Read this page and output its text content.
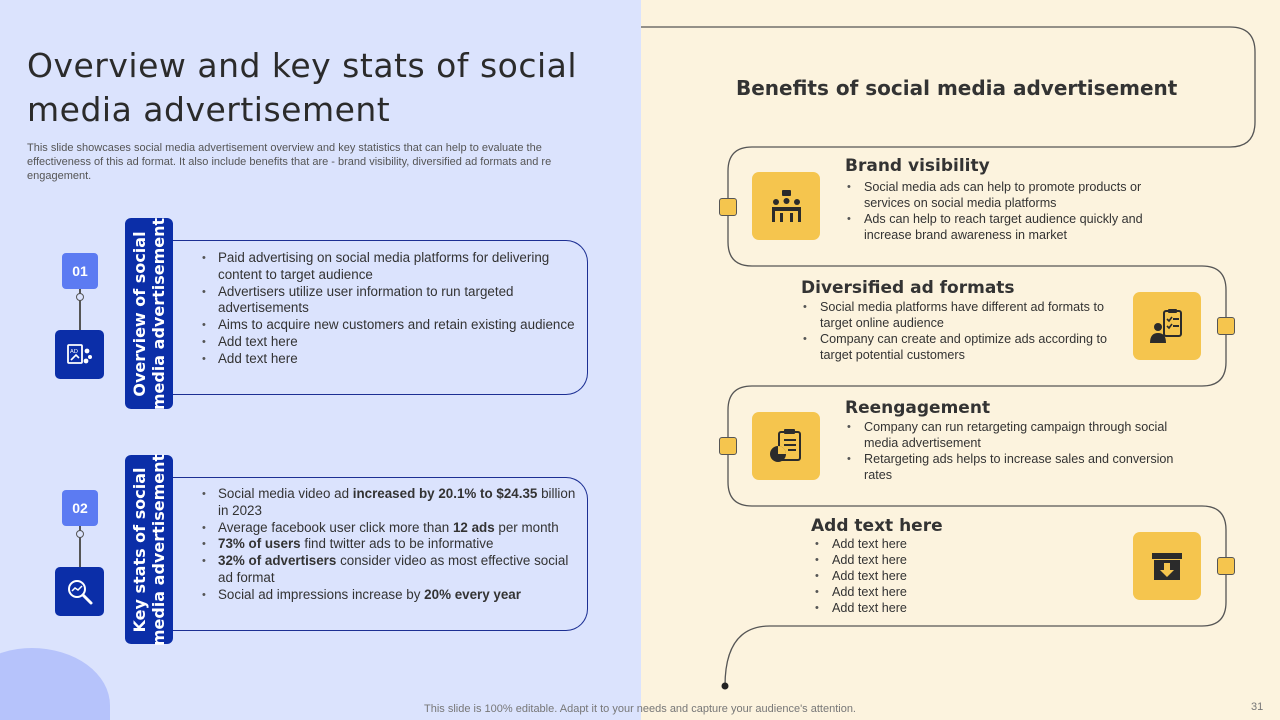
Overview and key stats of social media advertisement
This slide showcases social media advertisement overview and key statistics that can help to evaluate the effectiveness of this ad format. It also include benefits that are - brand visibility, diversified ad formats and re engagement.
01
AD	Overview of social
media advertisement	• Paid advertising on social media platforms for delivering content to target audience
• Advertisers utilize user information to run targeted advertisements
• Aims to acquire new customers and retain existing audience
• Add text here
• Add text here
02
Key stats of social
media advertisement	• Social media video ad increased by 20.1% to $24.35 billion in 2023
• Average facebook user click more than 12 ads per month
• 73% of users find twitter ads to be informative
• 32% of advertisers consider video as most effective social ad format
• Social ad impressions increase by 20% every year
Benefits of social media advertisement
Brand visibility
• Social media ads can help to promote products or services on social media platforms
• Ads can help to reach target audience quickly and increase brand awareness in market
Diversified ad formats
• Social media platforms have different ad formats to target online audience
• Company can create and optimize ads according to target potential customers
Reengagement
• Company can run retargeting campaign through social media advertisement
• Retargeting ads helps to increase sales and conversion rates
Add text here
• Add text here
• Add text here
• Add text here
• Add text here
• Add text here
This slide is 100% editable. Adapt it to your needs and capture your audience's attention.	31
